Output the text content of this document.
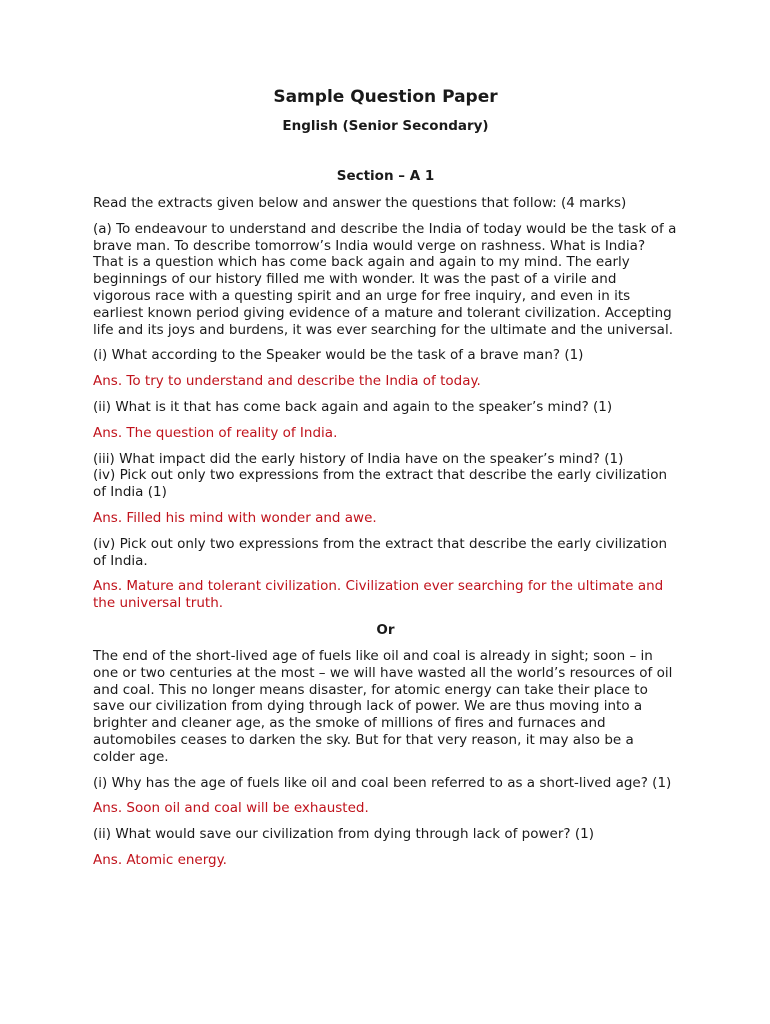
Sample Question Paper
English (Senior Secondary)
Section – A 1

Read the extracts given below and answer the questions that follow: (4 marks)

(a) To endeavour to understand and describe the India of today would be the task of a brave man. To describe tomorrow’s India would verge on rashness. What is India? That is a question which has come back again and again to my mind. The early beginnings of our history filled me with wonder. It was the past of a virile and vigorous race with a questing spirit and an urge for free inquiry, and even in its earliest known period giving evidence of a mature and tolerant civilization. Accepting life and its joys and burdens, it was ever searching for the ultimate and the universal.

(i) What according to the Speaker would be the task of a brave man? (1)

Ans. To try to understand and describe the India of today.

(ii) What is it that has come back again and again to the speaker’s mind? (1)

Ans. The question of reality of India.

(iii) What impact did the early history of India have on the speaker’s mind? (1)
(iv) Pick out only two expressions from the extract that describe the early civilization of India (1)

Ans. Filled his mind with wonder and awe.

(iv) Pick out only two expressions from the extract that describe the early civilization of India.

Ans. Mature and tolerant civilization. Civilization ever searching for the ultimate and the universal truth.

Or

The end of the short-lived age of fuels like oil and coal is already in sight; soon – in one or two centuries at the most – we will have wasted all the world’s resources of oil and coal. This no longer means disaster, for atomic energy can take their place to save our civilization from dying through lack of power. We are thus moving into a brighter and cleaner age, as the smoke of millions of fires and furnaces and automobiles ceases to darken the sky. But for that very reason, it may also be a colder age.

(i) Why has the age of fuels like oil and coal been referred to as a short-lived age? (1)

Ans. Soon oil and coal will be exhausted.

(ii) What would save our civilization from dying through lack of power? (1)

Ans. Atomic energy.
